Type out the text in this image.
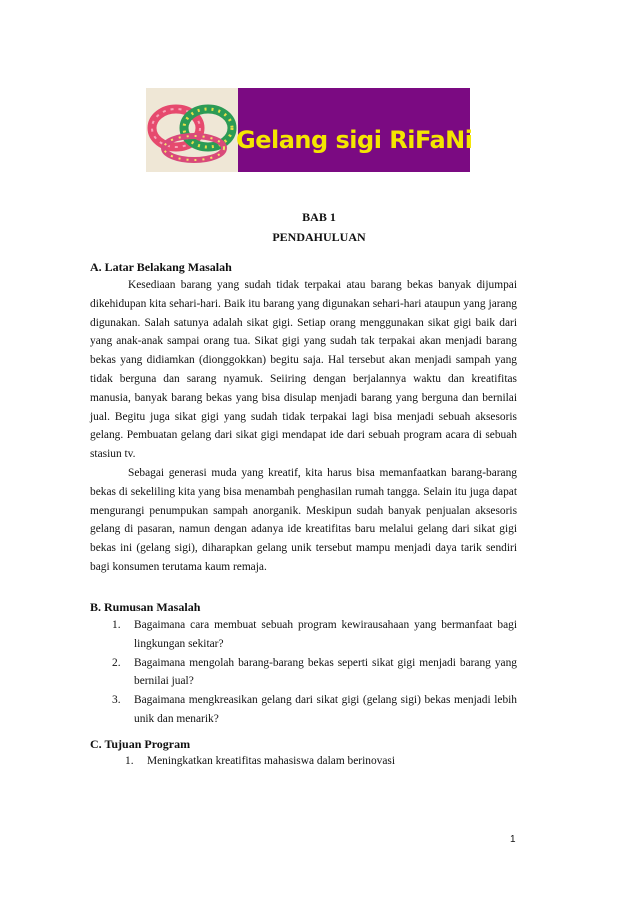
Gelang sigi RiFaNi
BAB 1
PENDAHULUAN
A. Latar Belakang Masalah

Kesediaan barang yang sudah tidak terpakai atau barang bekas banyak dijumpai dikehidupan kita sehari-hari. Baik itu barang yang digunakan sehari-hari ataupun yang jarang digunakan. Salah satunya adalah sikat gigi. Setiap orang menggunakan sikat gigi baik dari yang anak-anak sampai orang tua. Sikat gigi yang sudah tak terpakai akan menjadi barang bekas yang didiamkan (dionggokkan) begitu saja. Hal tersebut akan menjadi sampah yang tidak berguna dan sarang nyamuk. Seiiring dengan berjalannya waktu dan kreatifitas manusia, banyak barang bekas yang bisa disulap menjadi barang yang berguna dan bernilai jual. Begitu juga sikat gigi yang sudah tidak terpakai lagi bisa menjadi sebuah aksesoris gelang. Pembuatan gelang dari sikat gigi mendapat ide dari sebuah program acara di sebuah stasiun tv.

Sebagai generasi muda yang kreatif, kita harus bisa memanfaatkan barang-barang bekas di sekeliling kita yang bisa menambah penghasilan rumah tangga. Selain itu juga dapat mengurangi penumpukan sampah anorganik. Meskipun sudah banyak penjualan aksesoris gelang di pasaran, namun dengan adanya ide kreatifitas baru melalui gelang dari sikat gigi bekas ini (gelang sigi), diharapkan gelang unik tersebut mampu menjadi daya tarik sendiri bagi konsumen terutama kaum remaja.

B. Rumusan Masalah
1. Bagaimana cara membuat sebuah program kewirausahaan yang bermanfaat bagi lingkungan sekitar?
2. Bagaimana mengolah barang-barang bekas seperti sikat gigi menjadi barang yang bernilai jual?
3. Bagaimana mengkreasikan gelang dari sikat gigi (gelang sigi) bekas menjadi lebih unik dan menarik?
C. Tujuan Program
1. Meningkatkan kreatifitas mahasiswa dalam berinovasi
1
